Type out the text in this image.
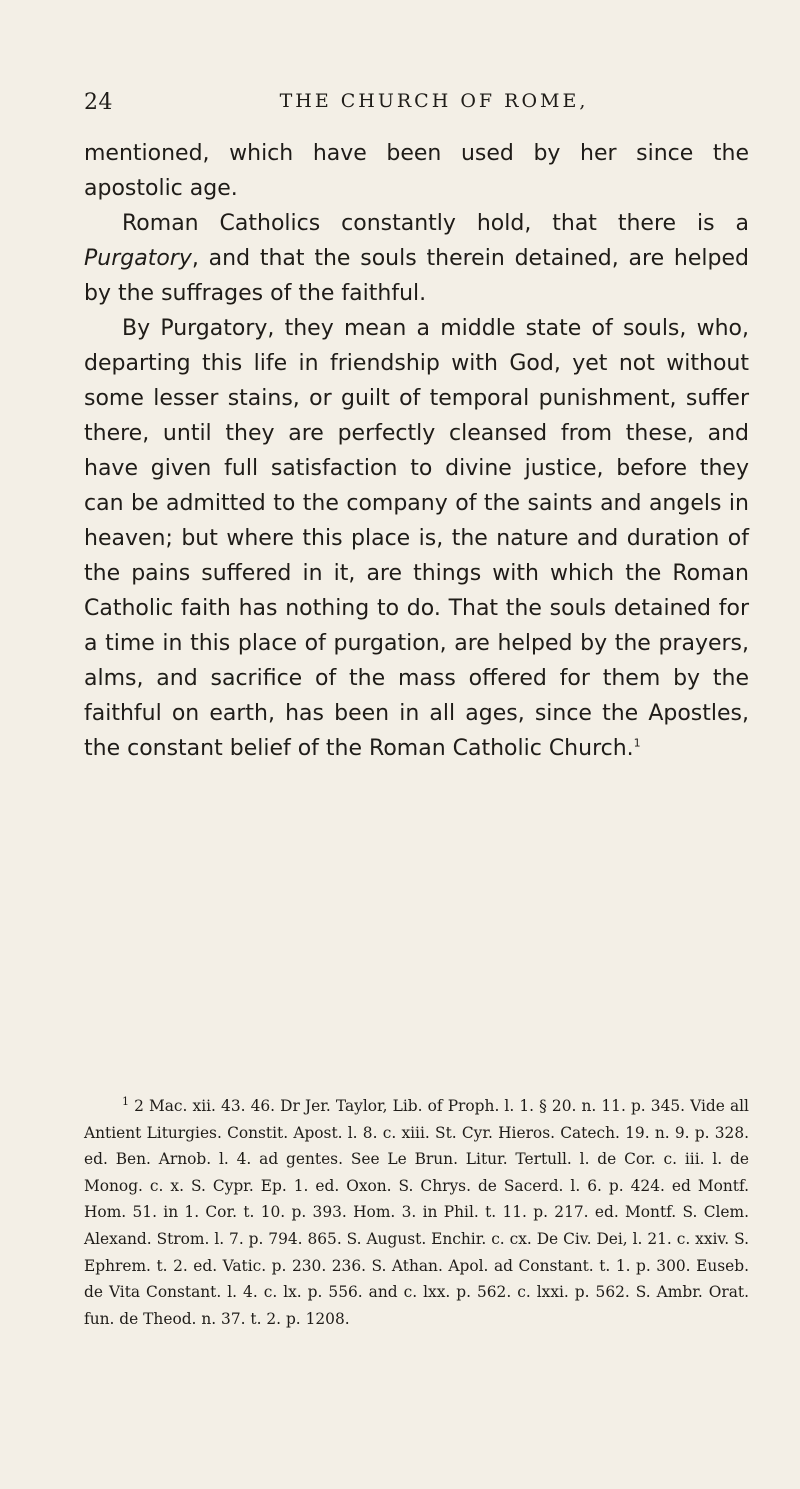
24	THE CHURCH OF ROME,

mentioned, which have been used by her since the apostolic age.

Roman Catholics constantly hold, that there is a Purgatory, and that the souls therein detained, are helped by the suffrages of the faithful.

By Purgatory, they mean a middle state of souls, who, departing this life in friendship with God, yet not without some lesser stains, or guilt of temporal punishment, suffer there, until they are perfectly cleansed from these, and have given full satisfaction to divine justice, before they can be admitted to the company of the saints and angels in heaven; but where this place is, the nature and duration of the pains suffered in it, are things with which the Roman Catholic faith has nothing to do. That the souls detained for a time in this place of purgation, are helped by the prayers, alms, and sacrifice of the mass offered for them by the faithful on earth, has been in all ages, since the Apostles, the constant belief of the Roman Catholic Church.$^1$

$^1$ 2 Mac. xii. 43. 46. Dr Jer. Taylor, Lib. of Proph. l. 1. § 20. n. 11. p. 345. Vide all Antient Liturgies. Constit. Apost. l. 8. c. xiii. St. Cyr. Hieros. Catech. 19. n. 9. p. 328. ed. Ben. Arnob. l. 4. ad gentes. See Le Brun. Litur. Tertull. l. de Cor. c. iii. l. de Monog. c. x. S. Cypr. Ep. 1. ed. Oxon. S. Chrys. de Sacerd. l. 6. p. 424. ed Montf. Hom. 51. in 1. Cor. t. 10. p. 393. Hom. 3. in Phil. t. 11. p. 217. ed. Montf. S. Clem. Alexand. Strom. l. 7. p. 794. 865. S. August. Enchir. c. cx. De Civ. Dei, l. 21. c. xxiv. S. Ephrem. t. 2. ed. Vatic. p. 230. 236. S. Athan. Apol. ad Constant. t. 1. p. 300. Euseb. de Vita Constant. l. 4. c. lx. p. 556. and c. lxx. p. 562. c. lxxi. p. 562. S. Ambr. Orat. fun. de Theod. n. 37. t. 2. p. 1208.
